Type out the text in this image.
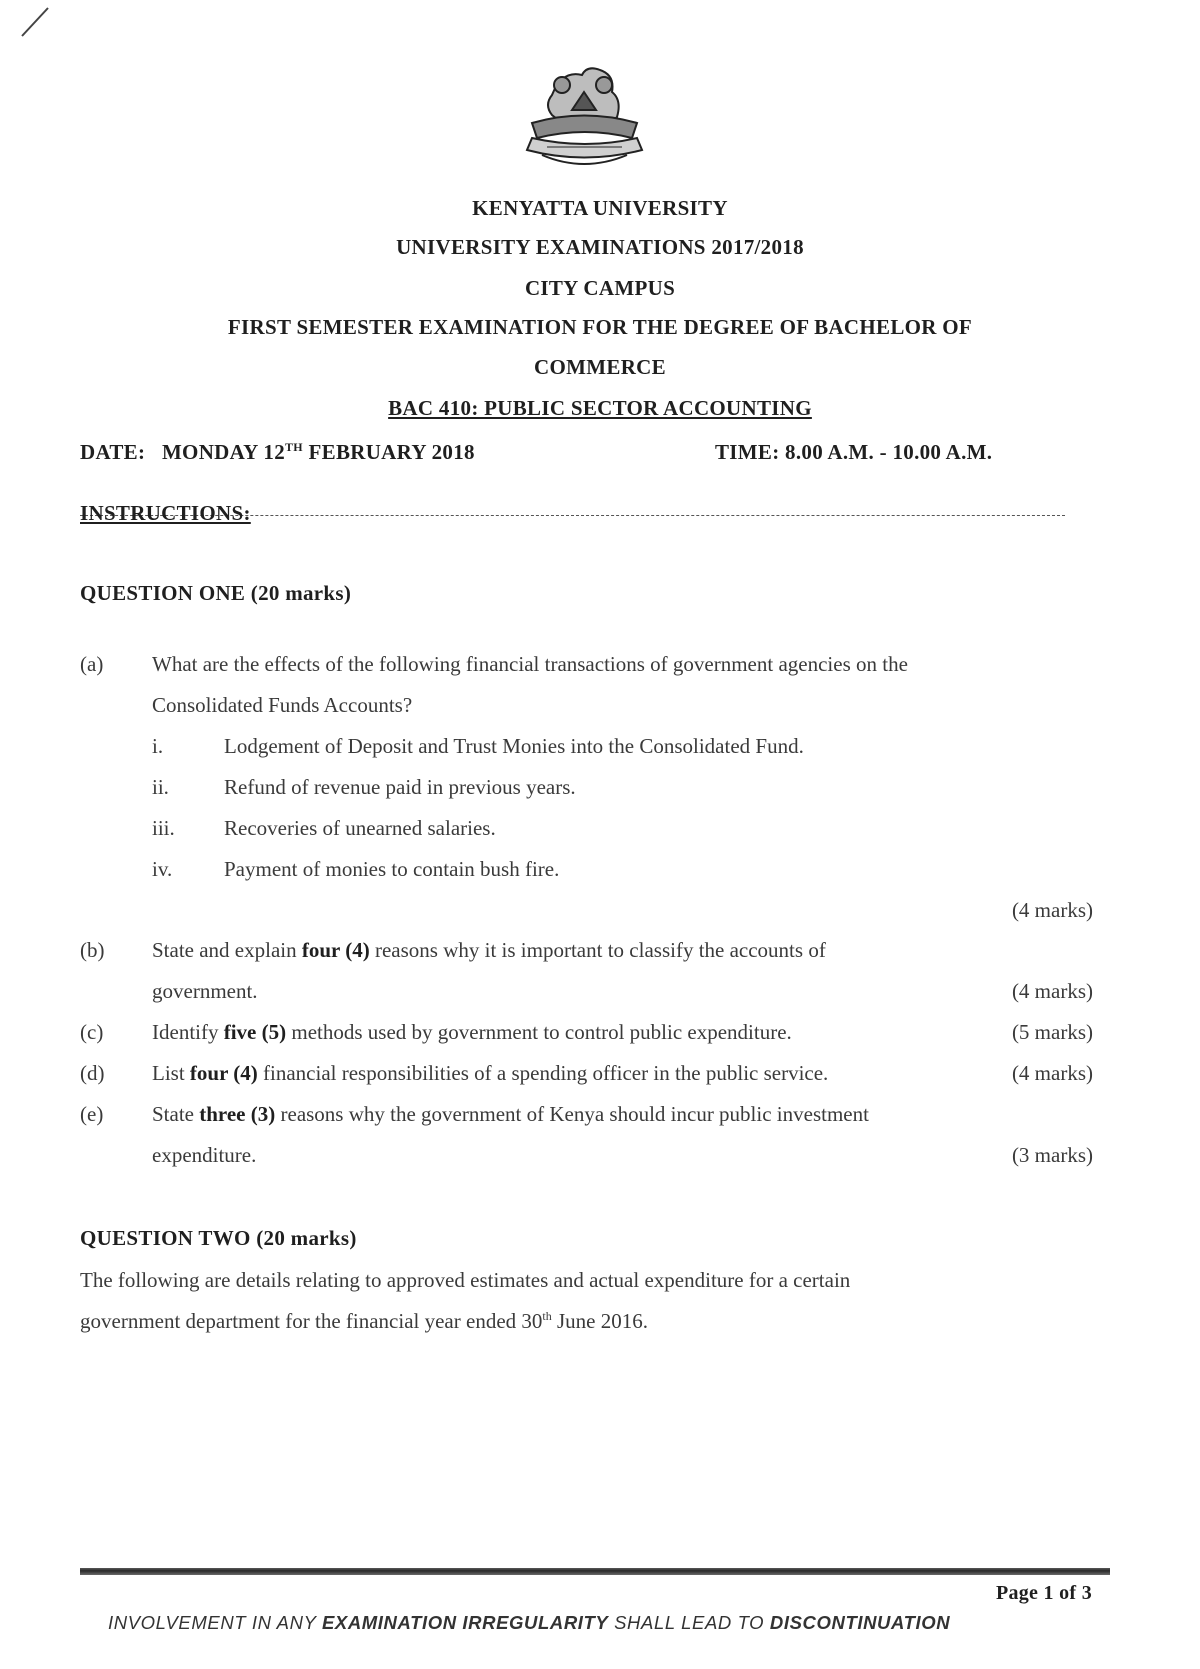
KENYATTA UNIVERSITY
UNIVERSITY EXAMINATIONS 2017/2018
CITY CAMPUS
FIRST SEMESTER EXAMINATION FOR THE DEGREE OF BACHELOR OF
COMMERCE
BAC 410: PUBLIC SECTOR ACCOUNTING
DATE: MONDAY 12TH FEBRUARY 2018	TIME: 8.00 A.M. - 10.00 A.M.
INSTRUCTIONS:
QUESTION ONE (20 marks)
(a) What are the effects of the following financial transactions of government agencies on the
Consolidated Funds Accounts?
i.	Lodgement of Deposit and Trust Monies into the Consolidated Fund.
ii.	Refund of revenue paid in previous years.
iii. Recoveries of unearned salaries.
iv. Payment of monies to contain bush fire.
(4 marks)
(b) State and explain four (4) reasons why it is important to classify the accounts of
government.	(4 marks)
(c) Identify five (5) methods used by government to control public expenditure.	(5 marks)
(d) List four (4) financial responsibilities of a spending officer in the public service.	(4 marks)
(e) State three (3) reasons why the government of Kenya should incur public investment
expenditure.	(3 marks)
QUESTION TWO (20 marks)
The following are details relating to approved estimates and actual expenditure for a certain
government department for the financial year ended 30th June 2016.
Page 1 of 3
INVOLVEMENT IN ANY EXAMINATION IRREGULARITY SHALL LEAD TO DISCONTINUATION
